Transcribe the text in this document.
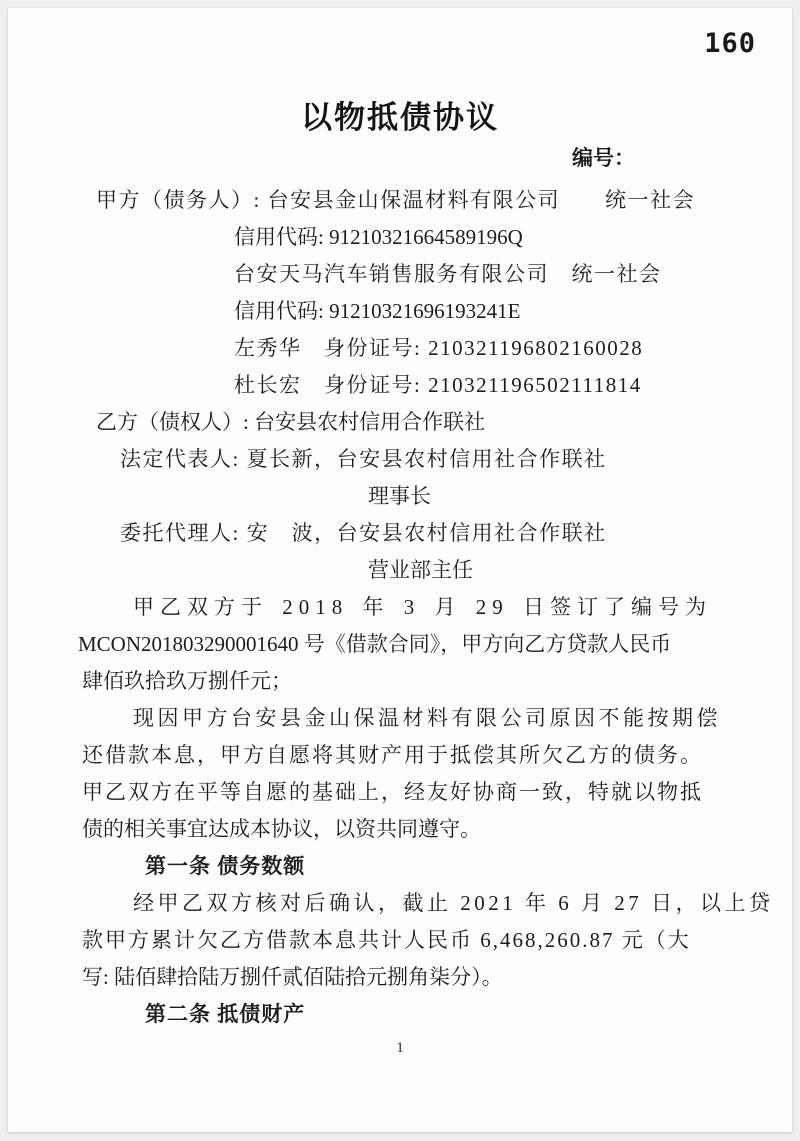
160
以物抵债协议
编号：
甲方（债务人）: 台安县金山保温材料有限公司　　统一社会
信用代码: 91210321664589196Q
台安天马汽车销售服务有限公司　统一社会
信用代码: 91210321696193241E
左秀华　身份证号: 210321196802160028
杜长宏　身份证号: 210321196502111814
乙方（债权人）: 台安县农村信用合作联社
法定代表人: 夏长新，台安县农村信用社合作联社
理事长
委托代理人: 安　波，台安县农村信用社合作联社
营业部主任
甲乙双方于 2018 年 3 月 29 日签订了编号为
MCON201803290001640 号《借款合同》，甲方向乙方贷款人民币
肆佰玖拾玖万捌仟元；
现因甲方台安县金山保温材料有限公司原因不能按期偿
还借款本息，甲方自愿将其财产用于抵偿其所欠乙方的债务。
甲乙双方在平等自愿的基础上，经友好协商一致，特就以物抵
债的相关事宜达成本协议，以资共同遵守。
第一条 债务数额
经甲乙双方核对后确认，截止 2021 年 6 月 27 日，以上贷
款甲方累计欠乙方借款本息共计人民币 6,468,260.87 元（大
写: 陆佰肆拾陆万捌仟贰佰陆拾元捌角柒分）。
第二条 抵债财产
1
